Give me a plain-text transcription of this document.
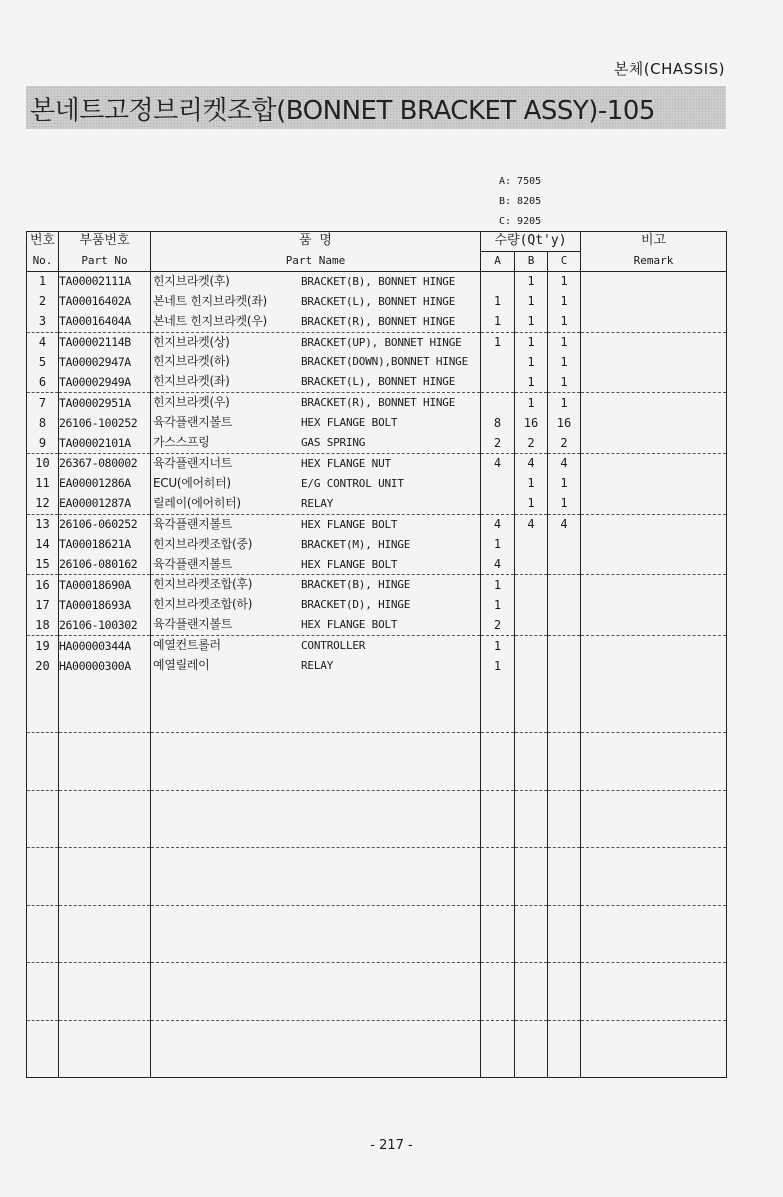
본체(CHASSIS)
본네트고정브리켓조합(BONNET BRACKET ASSY)-105
A: 7505
B: 8205
C: 9205
번호	부품번호	품 명	수량(Qt'y)			비고
No.	Part No	Part Name	A	B	C	Remark
1	TA00002111A	힌지브라켓(후) BRACKET(B), BONNET HINGE		1	1	
2	TA00016402A	본네트 힌지브라켓(좌) BRACKET(L), BONNET HINGE	1	1	1	
3	TA00016404A	본네트 힌지브라켓(우) BRACKET(R), BONNET HINGE	1	1	1	
4	TA00002114B	힌지브라켓(상) BRACKET(UP), BONNET HINGE	1	1	1	
5	TA00002947A	힌지브라켓(하) BRACKET(DOWN),BONNET HINGE		1	1	
6	TA00002949A	힌지브라켓(좌) BRACKET(L), BONNET HINGE		1	1	
7	TA00002951A	힌지브라켓(우) BRACKET(R), BONNET HINGE		1	1	
8	26106-100252	육각플랜지볼트 HEX FLANGE BOLT	8	16	16	
9	TA00002101A	가스스프링 GAS SPRING	2	2	2	
10	26367-080002	육각플랜지너트 HEX FLANGE NUT	4	4	4	
11	EA00001286A	ECU(에어히터) E/G CONTROL UNIT		1	1	
12	EA00001287A	릴레이(에어히터) RELAY		1	1	
13	26106-060252	육각플랜지볼트 HEX FLANGE BOLT	4	4	4	
14	TA00018621A	힌지브라켓조합(중) BRACKET(M), HINGE	1			
15	26106-080162	육각플랜지볼트 HEX FLANGE BOLT	4			
16	TA00018690A	힌지브라켓조합(후) BRACKET(B), HINGE	1			
17	TA00018693A	힌지브라켓조합(하) BRACKET(D), HINGE	1			
18	26106-100302	육각플랜지볼트 HEX FLANGE BOLT	2			
19	HA00000344A	예열컨트롤러 CONTROLLER	1			
20	HA00000300A	예열릴레이 RELAY	1			

- 217 -
